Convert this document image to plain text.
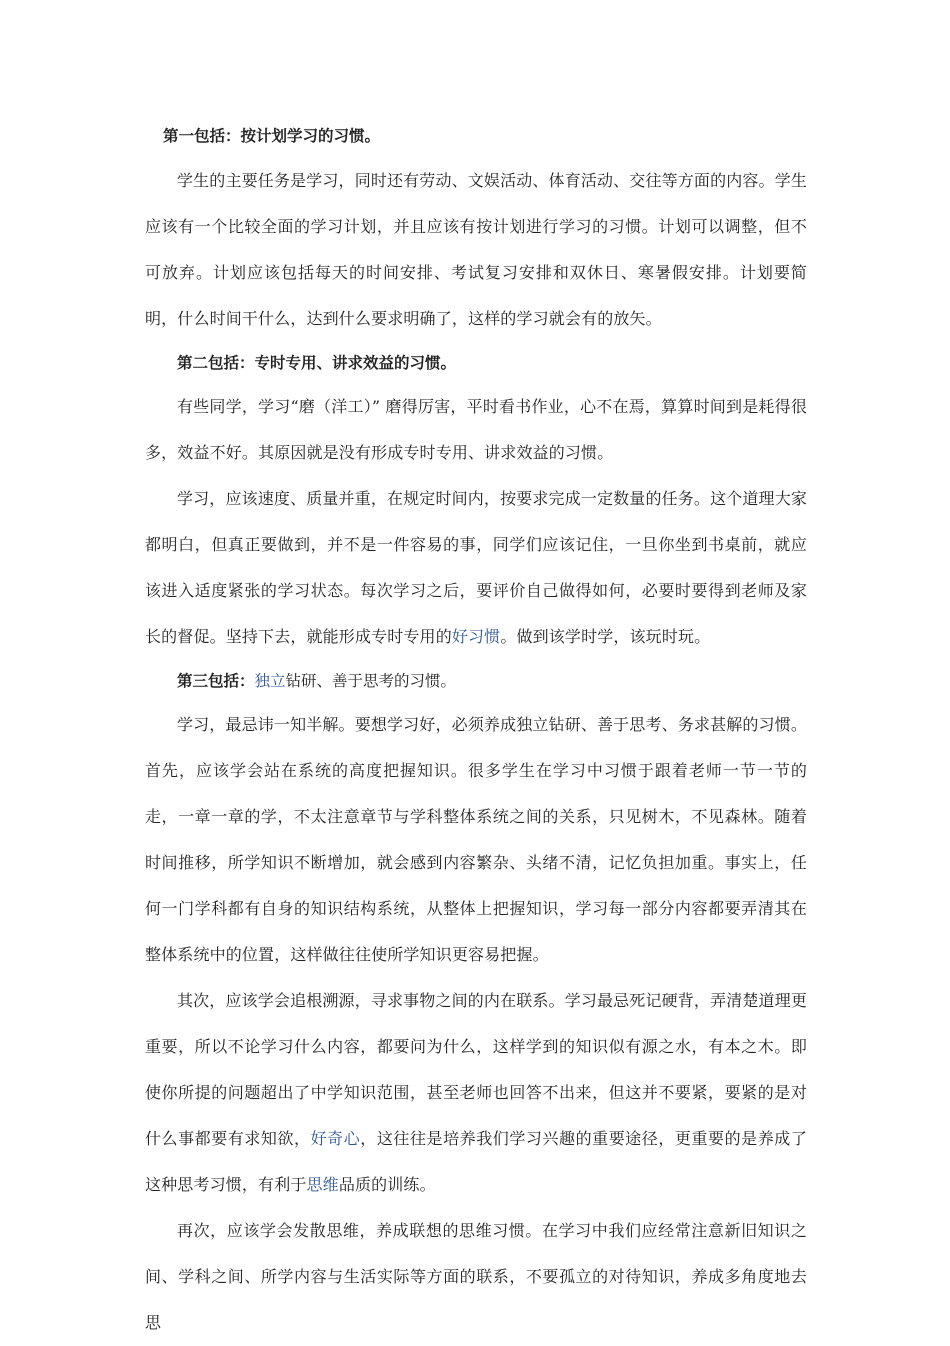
第一包括：按计划学习的习惯。

学生的主要任务是学习，同时还有劳动、文娱活动、体育活动、交往等方面的内容。学生应该有一个比较全面的学习计划，并且应该有按计划进行学习的习惯。计划可以调整，但不可放弃。计划应该包括每天的时间安排、考试复习安排和双休日、寒暑假安排。计划要简明，什么时间干什么，达到什么要求明确了，这样的学习就会有的放矢。

第二包括：专时专用、讲求效益的习惯。

有些同学，学习“磨（洋工）” 磨得厉害，平时看书作业，心不在焉，算算时间到是耗得很多，效益不好。其原因就是没有形成专时专用、讲求效益的习惯。

学习，应该速度、质量并重，在规定时间内，按要求完成一定数量的任务。这个道理大家都明白，但真正要做到，并不是一件容易的事，同学们应该记住，一旦你坐到书桌前，就应该进入适度紧张的学习状态。每次学习之后，要评价自己做得如何，必要时要得到老师及家长的督促。坚持下去，就能形成专时专用的好习惯。做到该学时学，该玩时玩。

第三包括：独立钻研、善于思考的习惯。

学习，最忌讳一知半解。要想学习好，必须养成独立钻研、善于思考、务求甚解的习惯。首先，应该学会站在系统的高度把握知识。很多学生在学习中习惯于跟着老师一节一节的走，一章一章的学，不太注意章节与学科整体系统之间的关系，只见树木，不见森林。随着时间推移，所学知识不断增加，就会感到内容繁杂、头绪不清，记忆负担加重。事实上，任何一门学科都有自身的知识结构系统，从整体上把握知识，学习每一部分内容都要弄清其在整体系统中的位置，这样做往往使所学知识更容易把握。

其次，应该学会追根溯源，寻求事物之间的内在联系。学习最忌死记硬背，弄清楚道理更重要，所以不论学习什么内容，都要问为什么，这样学到的知识似有源之水，有本之木。即使你所提的问题超出了中学知识范围，甚至老师也回答不出来，但这并不要紧，要紧的是对什么事都要有求知欲，好奇心，这往往是培养我们学习兴趣的重要途径，更重要的是养成了这种思考习惯，有利于思维品质的训练。

再次，应该学会发散思维，养成联想的思维习惯。在学习中我们应经常注意新旧知识之间、学科之间、所学内容与生活实际等方面的联系，不要孤立的对待知识，养成多角度地去思
